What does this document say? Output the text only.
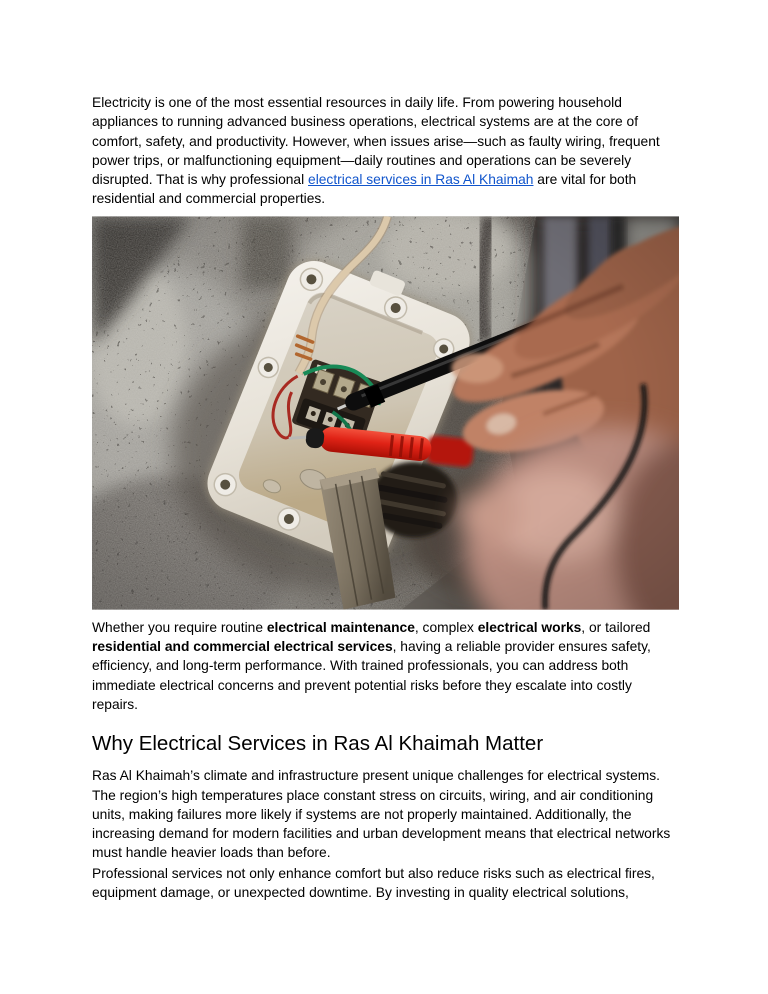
Electricity is one of the most essential resources in daily life. From powering household appliances to running advanced business operations, electrical systems are at the core of comfort, safety, and productivity. However, when issues arise—such as faulty wiring, frequent power trips, or malfunctioning equipment—daily routines and operations can be severely disrupted. That is why professional electrical services in Ras Al Khaimah are vital for both residential and commercial properties.

Whether you require routine electrical maintenance, complex electrical works, or tailored residential and commercial electrical services, having a reliable provider ensures safety, efficiency, and long-term performance. With trained professionals, you can address both immediate electrical concerns and prevent potential risks before they escalate into costly repairs.

Why Electrical Services in Ras Al Khaimah Matter

Ras Al Khaimah’s climate and infrastructure present unique challenges for electrical systems. The region’s high temperatures place constant stress on circuits, wiring, and air conditioning units, making failures more likely if systems are not properly maintained. Additionally, the increasing demand for modern facilities and urban development means that electrical networks must handle heavier loads than before.

Professional services not only enhance comfort but also reduce risks such as electrical fires, equipment damage, or unexpected downtime. By investing in quality electrical solutions,
